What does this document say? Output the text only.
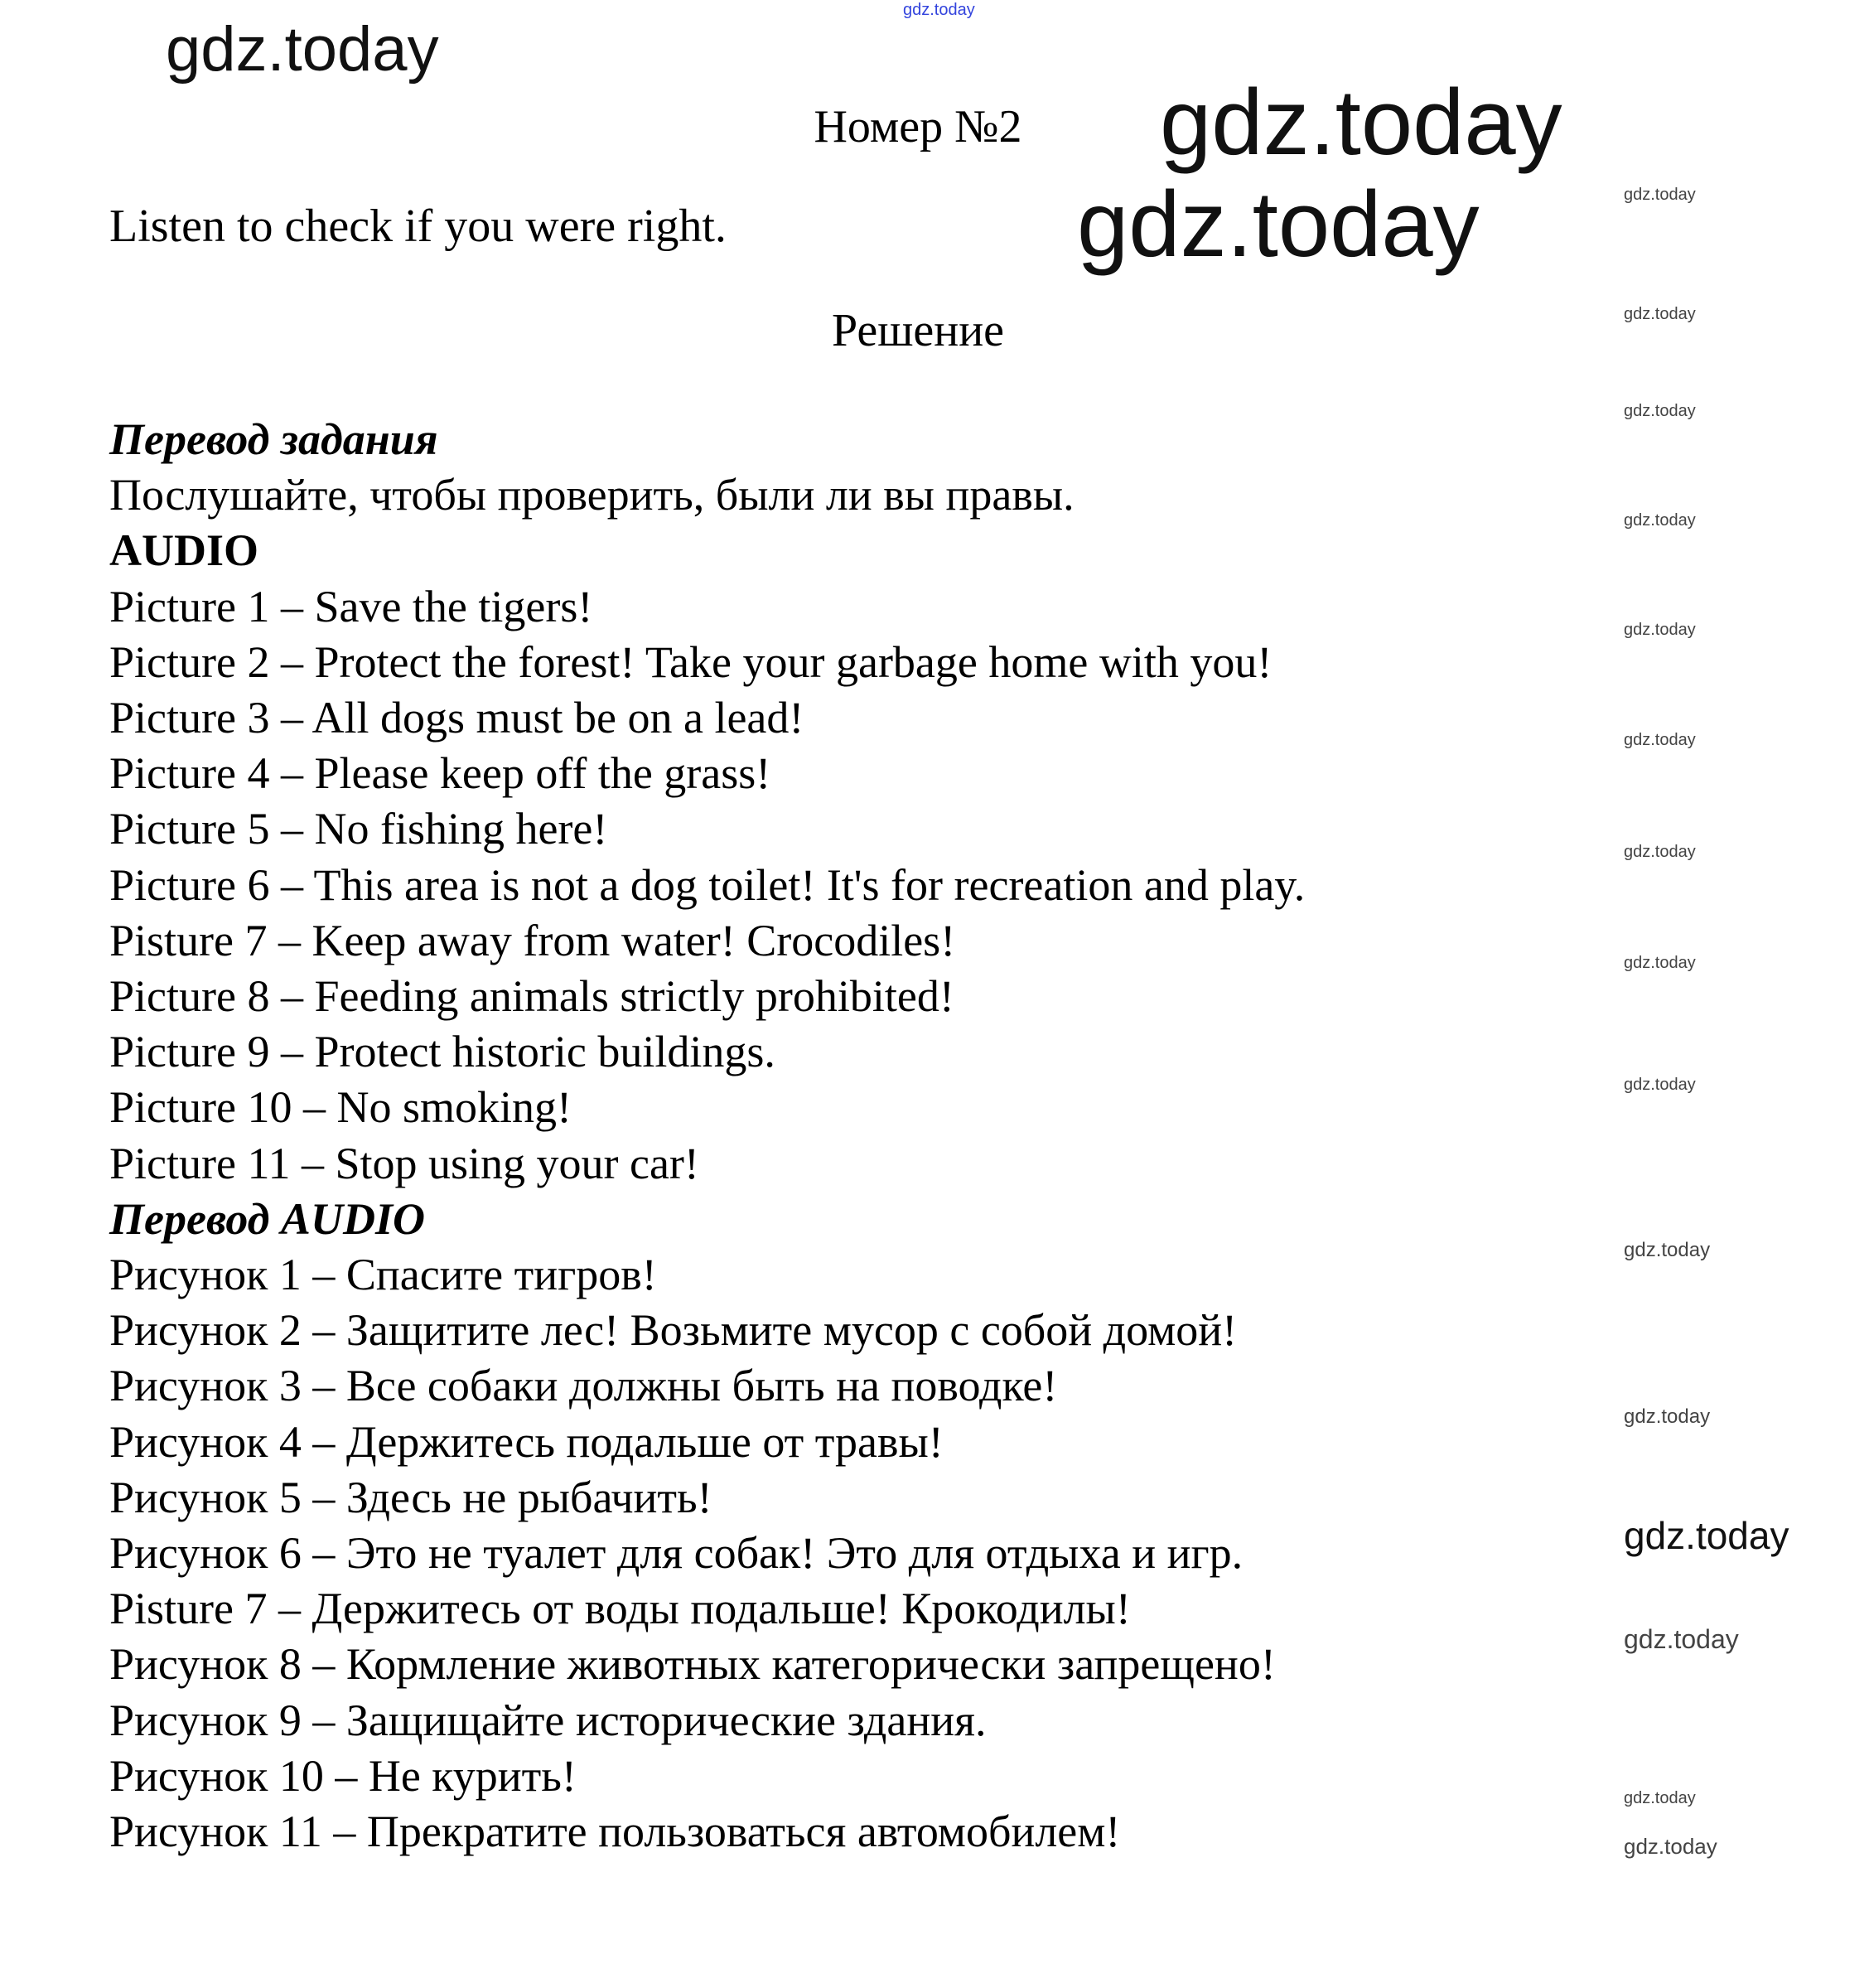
gdz.today
Номер №2
Listen to check if you were right.
Решение
Перевод задания
Послушайте, чтобы проверить, были ли вы правы.
AUDIO
Picture 1 – Save the tigers!
Picture 2 – Protect the forest! Take your garbage home with you!
Picture 3 – All dogs must be on a lead!
Picture 4 – Please keep off the grass!
Picture 5 – No fishing here!
Picture 6 – This area is not a dog toilet! It's for recreation and play.
Pisture 7 – Keep away from water! Crocodiles!
Picture 8 – Feeding animals strictly prohibited!
Picture 9 – Protect historic buildings.
Picture 10 – No smoking!
Picture 11 – Stop using your car!
Перевод AUDIO
Рисунок 1 – Спасите тигров!
Рисунок 2 – Защитите лес! Возьмите мусор с собой домой!
Рисунок 3 – Все собаки должны быть на поводке!
Рисунок 4 – Держитесь подальше от травы!
Рисунок 5 – Здесь не рыбачить!
Рисунок 6 – Это не туалет для собак! Это для отдыха и игр.
Pisture 7 – Держитесь от воды подальше! Крокодилы!
Рисунок 8 – Кормление животных категорически запрещено!
Рисунок 9 – Защищайте исторические здания.
Рисунок 10 – Не курить!
Рисунок 11 – Прекратите пользоваться автомобилем!
gdz.today
gdz.today
gdz.today
gdz.today
gdz.today
gdz.today
gdz.today
gdz.today
gdz.today
gdz.today
gdz.today
gdz.today
gdz.today
gdz.today
gdz.today
gdz.today
gdz.today
gdz.today
